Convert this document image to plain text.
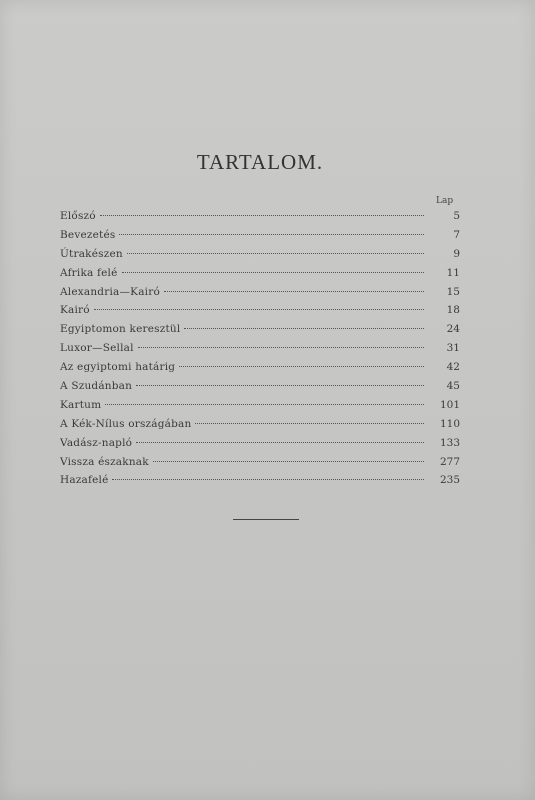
TARTALOM.
Lap
Előszó	5
Bevezetés	7
Útrakészen	9
Afrika felé	11
Alexandria—Kairó	15
Kairó	18
Egyiptomon keresztül	24
Luxor—Sellal	31
Az egyiptomi határig	42
A Szudánban	45
Kartum	101
A Kék-Nílus országában	110
Vadász-napló	133
Vissza északnak	277
Hazafelé	235
